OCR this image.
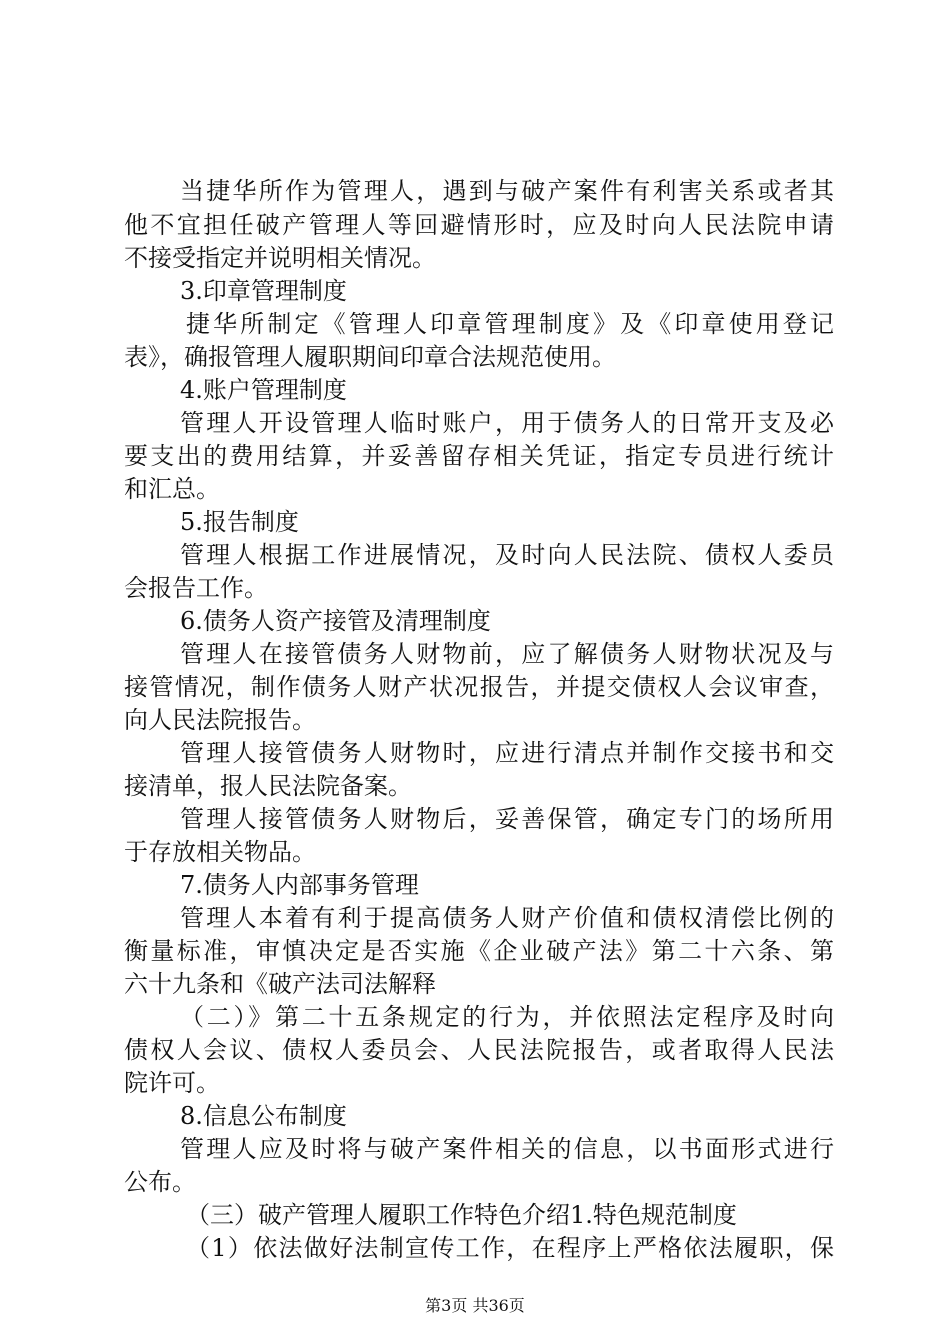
当捷华所作为管理人，遇到与破产案件有利害关系或者其
他不宜担任破产管理人等回避情形时，应及时向人民法院申请
不接受指定并说明相关情况。
3.印章管理制度
捷华所制定《管理人印章管理制度》及《印章使用登记
表》，确报管理人履职期间印章合法规范使用。
4.账户管理制度
管理人开设管理人临时账户，用于债务人的日常开支及必
要支出的费用结算，并妥善留存相关凭证，指定专员进行统计
和汇总。
5.报告制度
管理人根据工作进展情况，及时向人民法院、债权人委员
会报告工作。
6.债务人资产接管及清理制度
管理人在接管债务人财物前，应了解债务人财物状况及与
接管情况，制作债务人财产状况报告，并提交债权人会议审查，
向人民法院报告。
管理人接管债务人财物时，应进行清点并制作交接书和交
接清单，报人民法院备案。
管理人接管债务人财物后，妥善保管，确定专门的场所用
于存放相关物品。
7.债务人内部事务管理
管理人本着有利于提高债务人财产价值和债权清偿比例的
衡量标准，审慎决定是否实施《企业破产法》第二十六条、第
六十九条和《破产法司法解释
（二）》第二十五条规定的行为，并依照法定程序及时向
债权人会议、债权人委员会、人民法院报告，或者取得人民法
院许可。
8.信息公布制度
管理人应及时将与破产案件相关的信息，以书面形式进行
公布。
（三）破产管理人履职工作特色介绍1.特色规范制度
（1）依法做好法制宣传工作，在程序上严格依法履职，保
第3页 共36页
